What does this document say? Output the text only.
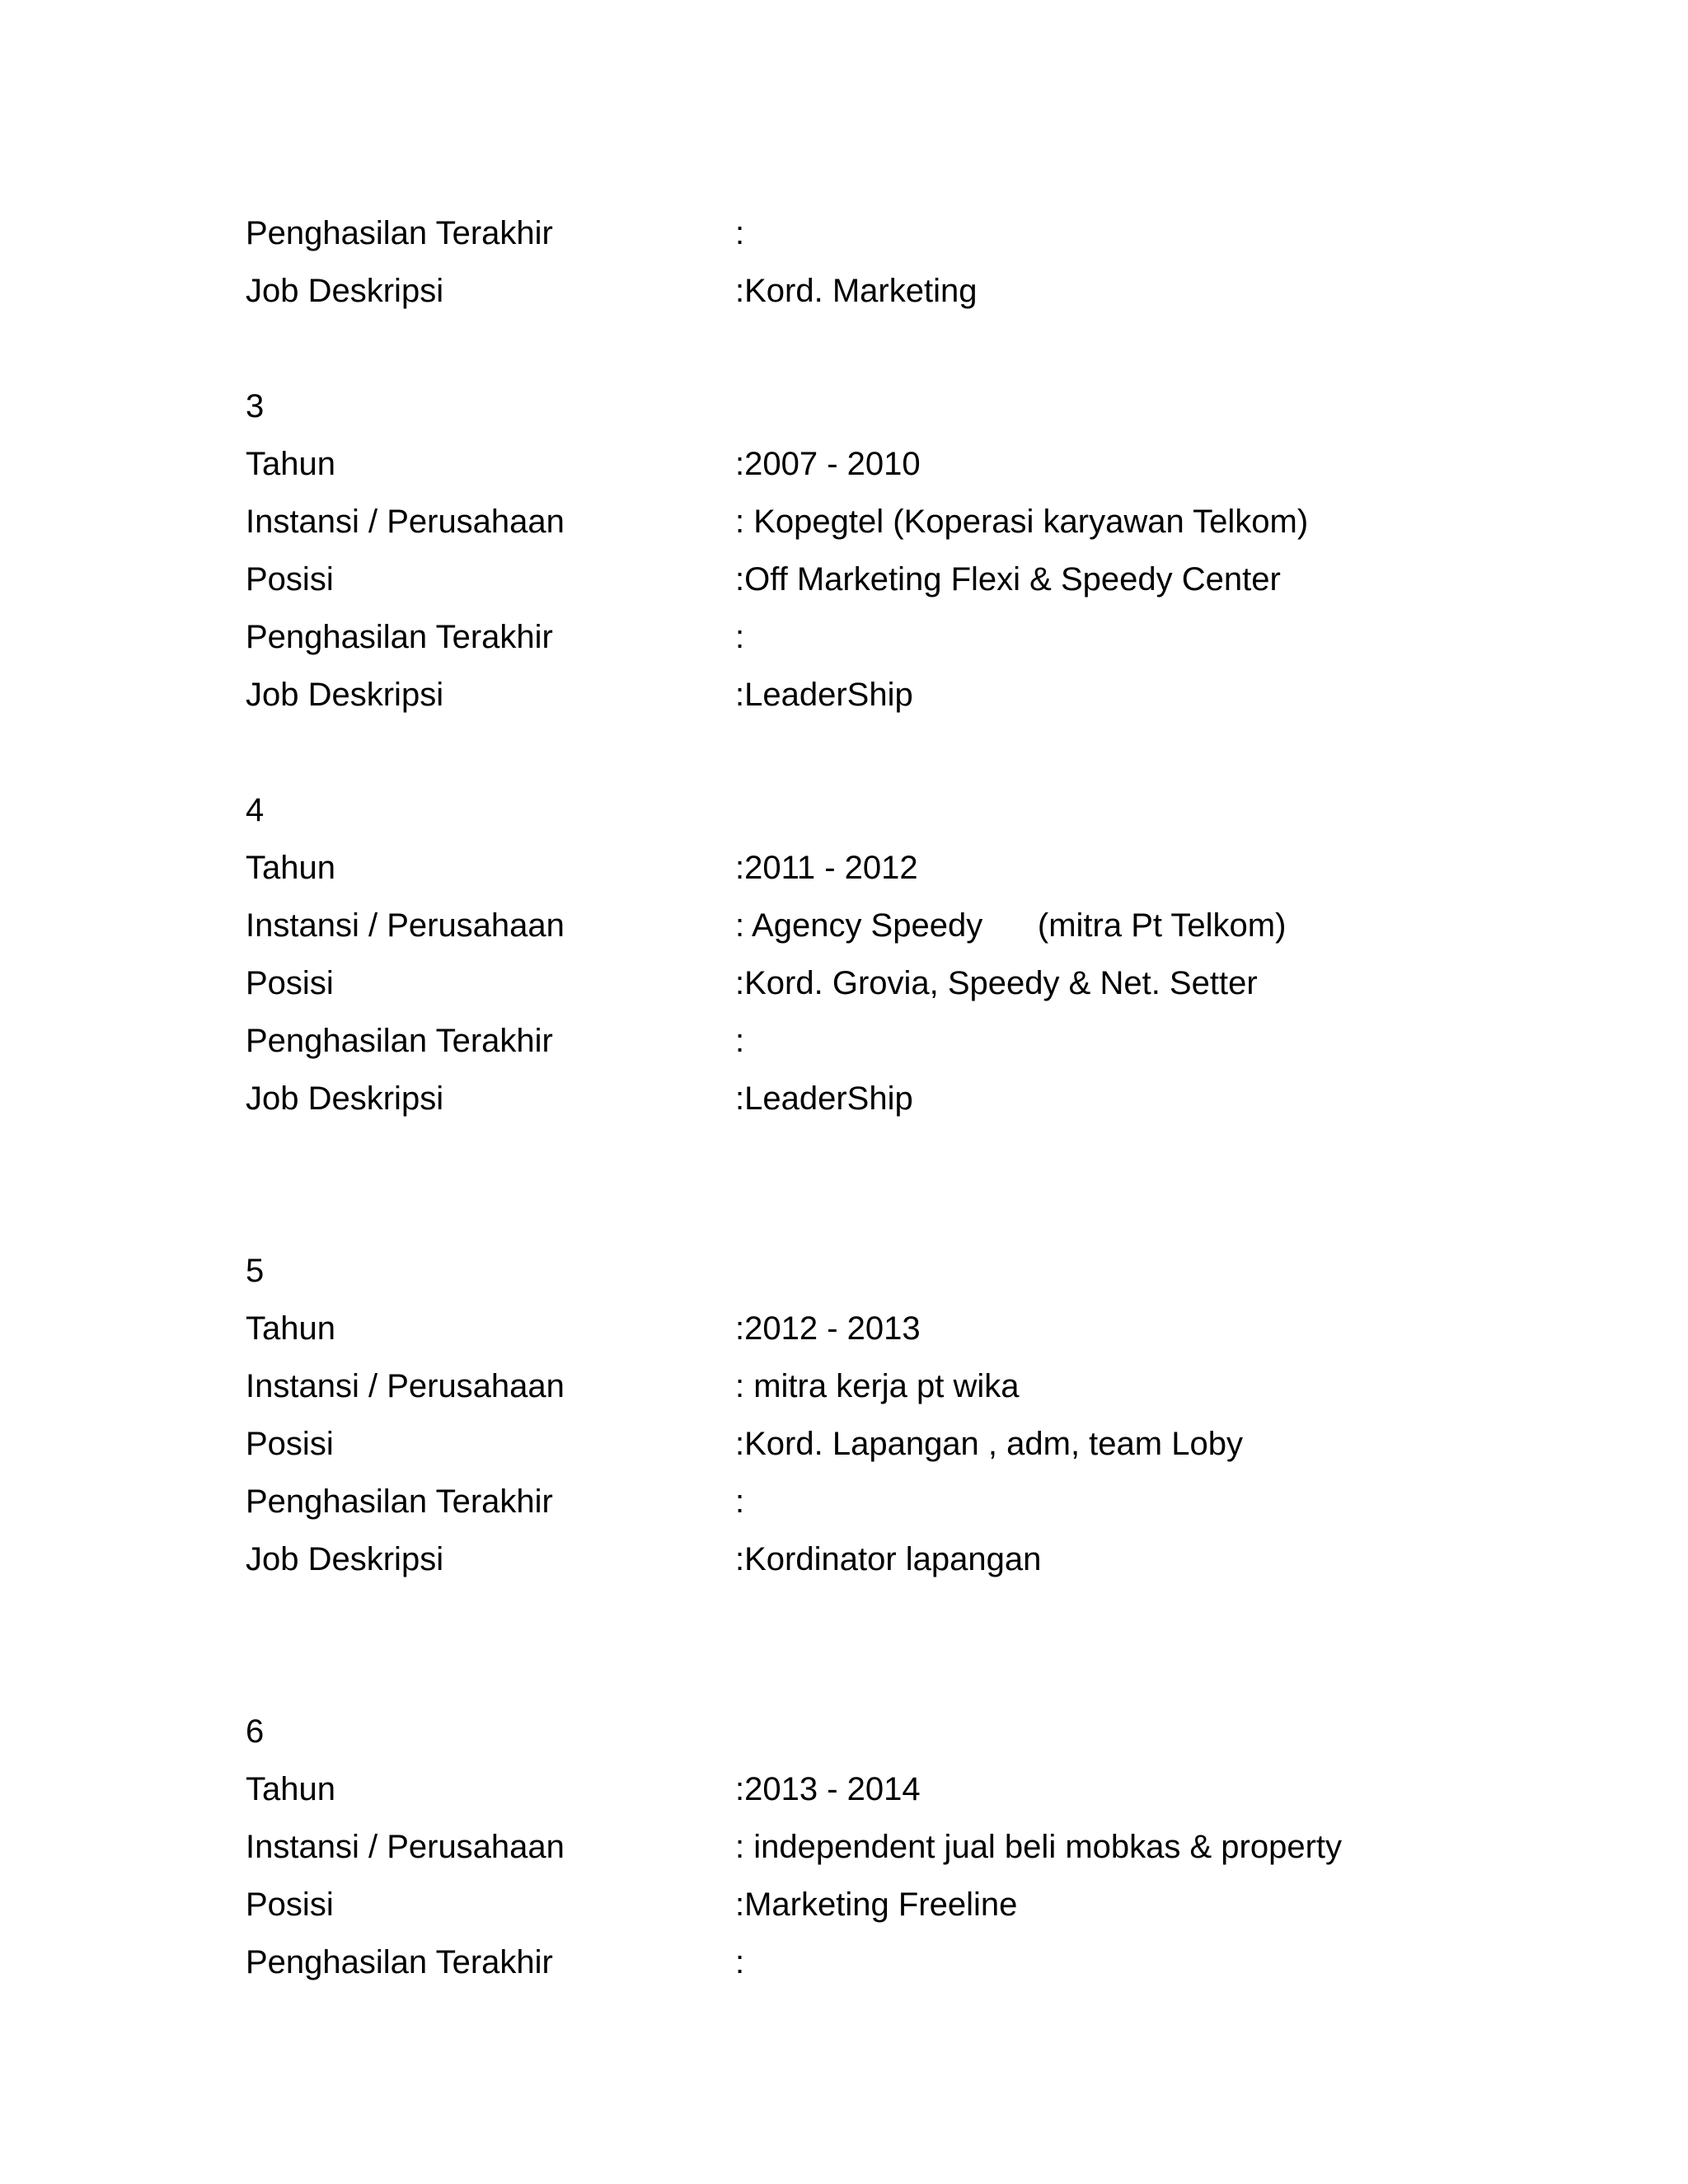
Penghasilan Terakhir

	:

Job Deskripsi

	:Kord. Marketing

3

Tahun

	:2007 - 2010

Instansi / Perusahaan

	: Kopegtel (Koperasi karyawan Telkom)

Posisi

	:Off Marketing Flexi & Speedy Center

Penghasilan Terakhir

	:

Job Deskripsi

	:LeaderShip

4

Tahun

	:2011 - 2012

Instansi / Perusahaan

	: Agency Speedy      (mitra Pt Telkom)

Posisi

	:Kord. Grovia, Speedy & Net. Setter

Penghasilan Terakhir

	:

Job Deskripsi

	:LeaderShip

5

Tahun

	:2012 - 2013

Instansi / Perusahaan

	: mitra kerja pt wika

Posisi

	:Kord. Lapangan , adm, team Loby

Penghasilan Terakhir

	:

Job Deskripsi

	:Kordinator lapangan

6

Tahun

	:2013 - 2014

Instansi / Perusahaan

	: independent jual beli mobkas & property

Posisi

	:Marketing Freeline

Penghasilan Terakhir

	:
